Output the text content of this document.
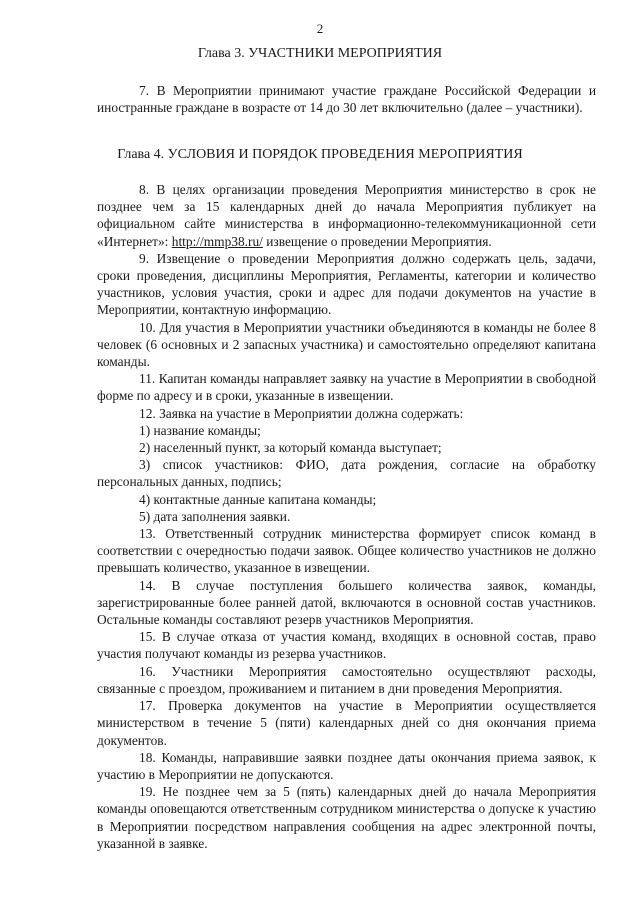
2
Глава 3. УЧАСТНИКИ МЕРОПРИЯТИЯ

7. В Мероприятии принимают участие граждане Российской Федерации и иностранные граждане в возрасте от 14 до 30 лет включительно (далее – участники).

Глава 4. УСЛОВИЯ И ПОРЯДОК ПРОВЕДЕНИЯ МЕРОПРИЯТИЯ

8. В целях организации проведения Мероприятия министерство в срок не позднее чем за 15 календарных дней до начала Мероприятия публикует на официальном сайте министерства в информационно-телекоммуникационной сети «Интернет»: http://mmp38.ru/ извещение о проведении Мероприятия.

9. Извещение о проведении Мероприятия должно содержать цель, задачи, сроки проведения, дисциплины Мероприятия, Регламенты, категории и количество участников, условия участия, сроки и адрес для подачи документов на участие в Мероприятии, контактную информацию.

10. Для участия в Мероприятии участники объединяются в команды не более 8 человек (6 основных и 2 запасных участника) и самостоятельно определяют капитана команды.

11. Капитан команды направляет заявку на участие в Мероприятии в свободной форме по адресу и в сроки, указанные в извещении.

12. Заявка на участие в Мероприятии должна содержать:

1) название команды;

2) населенный пункт, за который команда выступает;

3) список участников: ФИО, дата рождения, согласие на обработку персональных данных, подпись;

4) контактные данные капитана команды;

5) дата заполнения заявки.

13. Ответственный сотрудник министерства формирует список команд в соответствии с очередностью подачи заявок. Общее количество участников не должно превышать количество, указанное в извещении.

14. В случае поступления большего количества заявок, команды, зарегистрированные более ранней датой, включаются в основной состав участников. Остальные команды составляют резерв участников Мероприятия.

15. В случае отказа от участия команд, входящих в основной состав, право участия получают команды из резерва участников.

16. Участники Мероприятия самостоятельно осуществляют расходы, связанные с проездом, проживанием и питанием в дни проведения Мероприятия.

17. Проверка документов на участие в Мероприятии осуществляется министерством в течение 5 (пяти) календарных дней со дня окончания приема документов.

18. Команды, направившие заявки позднее даты окончания приема заявок, к участию в Мероприятии не допускаются.

19. Не позднее чем за 5 (пять) календарных дней до начала Мероприятия команды оповещаются ответственным сотрудником министерства о допуске к участию в Мероприятии посредством направления сообщения на адрес электронной почты, указанной в заявке.
